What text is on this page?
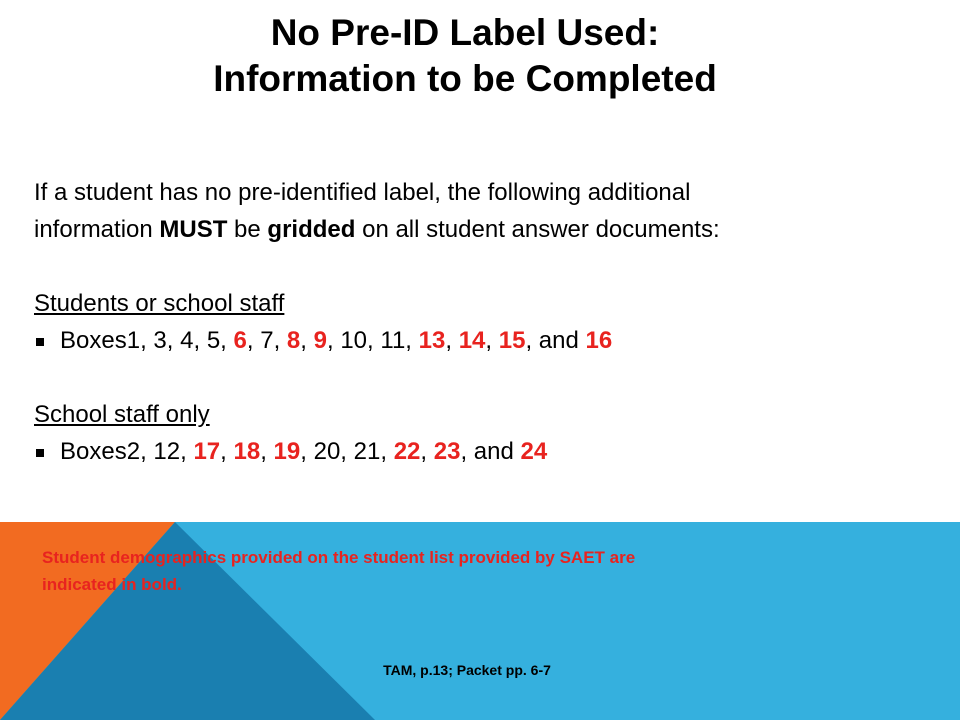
No Pre-ID Label Used:
Information to be Completed
If a student has no pre-identified label, the following additional
information MUST be gridded on all student answer documents:
Students or school staff
Boxes 1, 3, 4, 5, 6, 7, 8, 9, 10, 11, 13, 14, 15, and 16
School staff only
Boxes 2, 12, 17, 18, 19, 20, 21, 22, 23, and 24
Student demographics provided on the student list provided by SAET are
indicated in bold.
TAM, p.13; Packet pp. 6-7
